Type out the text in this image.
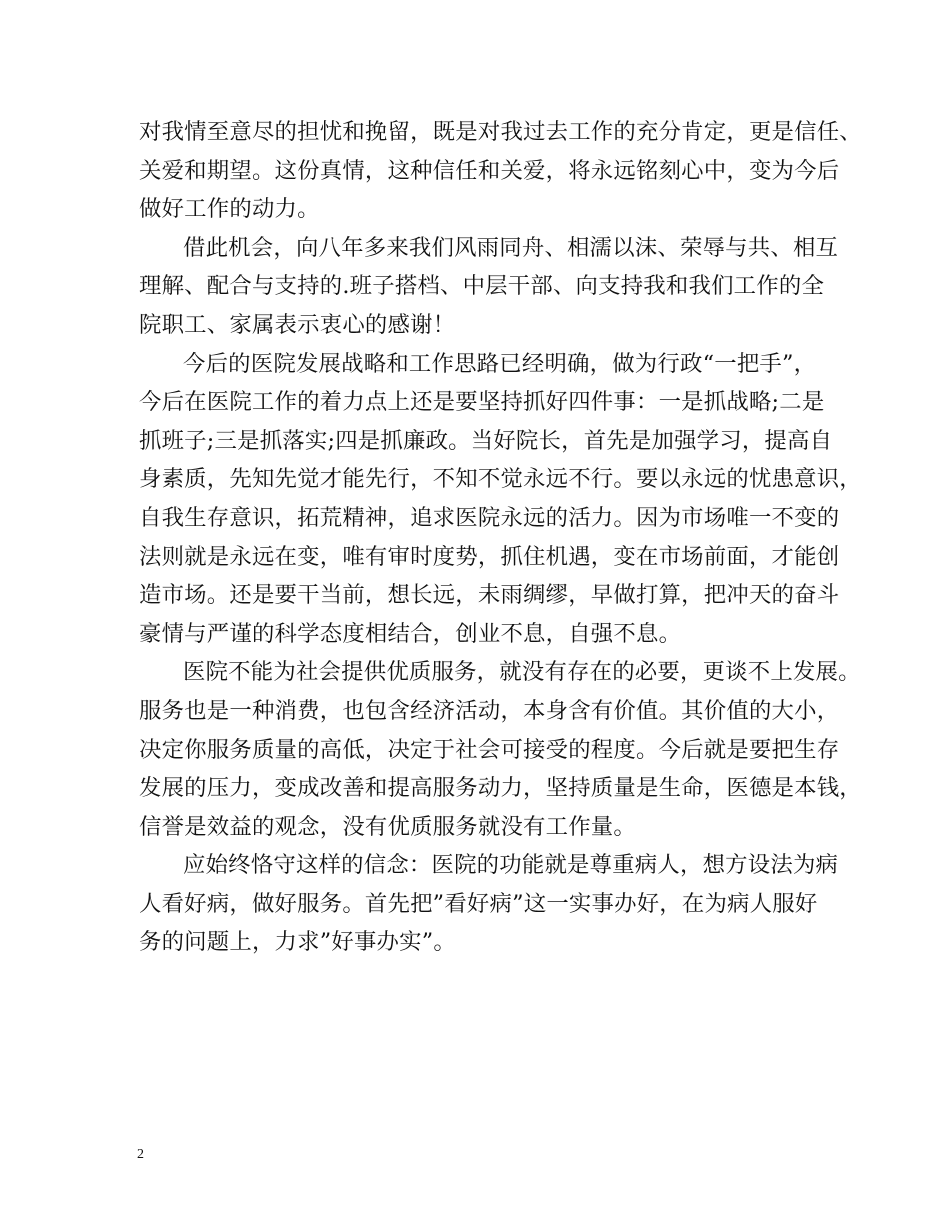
对我情至意尽的担忧和挽留，既是对我过去工作的充分肯定，更是信任、
关爱和期望。这份真情，这种信任和关爱，将永远铭刻心中，变为今后
做好工作的动力。
借此机会，向八年多来我们风雨同舟、相濡以沫、荣辱与共、相互
理解、配合与支持的.班子搭档、中层干部、向支持我和我们工作的全
院职工、家属表示衷心的感谢！
今后的医院发展战略和工作思路已经明确，做为行政“一把手”，
今后在医院工作的着力点上还是要坚持抓好四件事：一是抓战略;二是
抓班子;三是抓落实;四是抓廉政。当好院长，首先是加强学习，提高自
身素质，先知先觉才能先行，不知不觉永远不行。要以永远的忧患意识，
自我生存意识，拓荒精神，追求医院永远的活力。因为市场唯一不变的
法则就是永远在变，唯有审时度势，抓住机遇，变在市场前面，才能创
造市场。还是要干当前，想长远，未雨绸缪，早做打算，把冲天的奋斗
豪情与严谨的科学态度相结合，创业不息，自强不息。
医院不能为社会提供优质服务，就没有存在的必要，更谈不上发展。
服务也是一种消费，也包含经济活动，本身含有价值。其价值的大小，
决定你服务质量的高低，决定于社会可接受的程度。今后就是要把生存
发展的压力，变成改善和提高服务动力，坚持质量是生命，医德是本钱，
信誉是效益的观念，没有优质服务就没有工作量。
应始终恪守这样的信念：医院的功能就是尊重病人，想方设法为病
人看好病，做好服务。首先把”看好病”这一实事办好，在为病人服好
务的问题上，力求”好事办实”。
2
